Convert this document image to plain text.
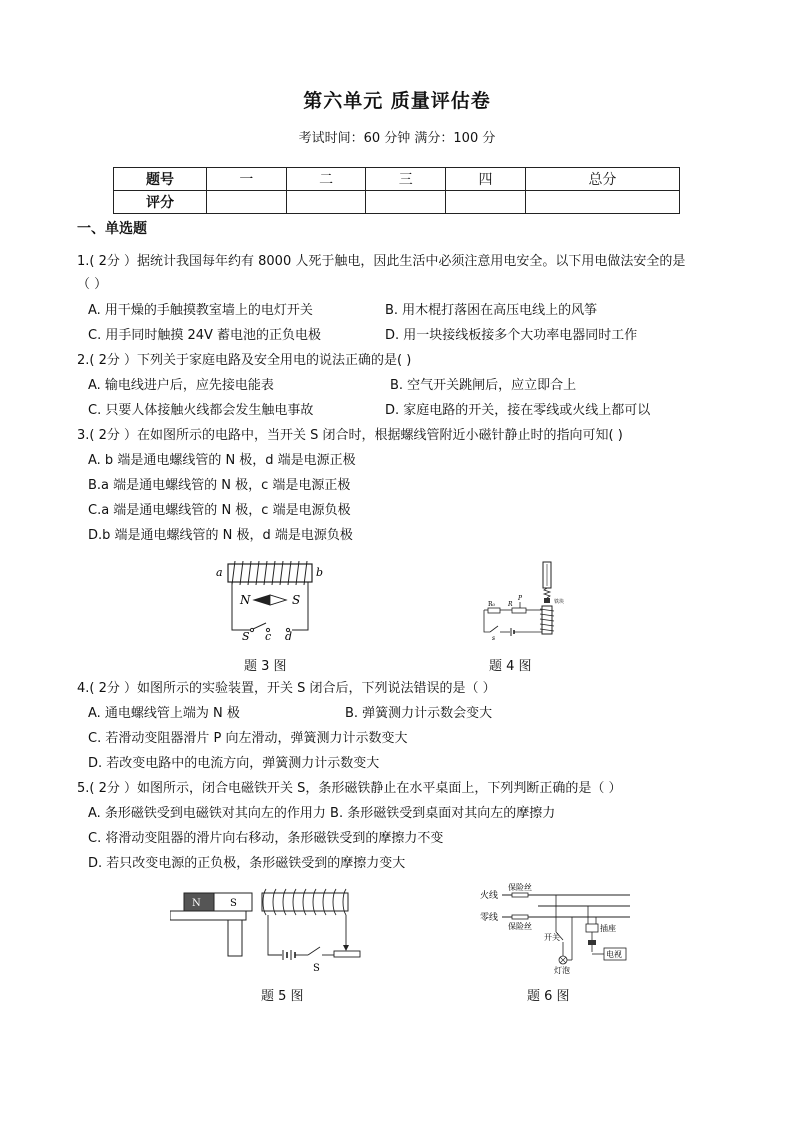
第六单元 质量评估卷
考试时间：60 分钟 满分：100 分
题号	一	二	三	四	总分
评分					
一、单选题
1.( 2分 ）据统计我国每年约有 8000 人死于触电，因此生活中必须注意用电安全。以下用电做法安全的是
（ ）
A. 用干燥的手触摸教室墙上的电灯开关	B. 用木棍打落困在高压电线上的风筝
C. 用手同时触摸 24V 蓄电池的正负电极	D. 用一块接线板接多个大功率电器同时工作
2.( 2分 ）下列关于家庭电路及安全用电的说法正确的是( )
A. 输电线进户后，应先接电能表	B. 空气开关跳闸后，应立即合上
C. 只要人体接触火线都会发生触电事故	D. 家庭电路的开关，接在零线或火线上都可以
3.( 2分 ）在如图所示的电路中，当开关 S 闭合时，根据螺线管附近小磁针静止时的指向可知( )
A. b 端是通电螺线管的 N 极，d 端是电源正极
B.a 端是通电螺线管的 N 极，c 端是电源正极
C.a 端是通电螺线管的 N 极，c 端是电源负极
D.b 端是通电螺线管的 N 极，d 端是电源负极
a	b
N	S
S c d
题 3 图
铁块
R₀ R
P
s
题 4 图
4.( 2分 ）如图所示的实验装置，开关 S 闭合后，下列说法错误的是（ ）
A. 通电螺线管上端为 N 极	B. 弹簧测力计示数会变大
C. 若滑动变阻器滑片 P 向左滑动，弹簧测力计示数变大
D. 若改变电路中的电流方向，弹簧测力计示数变大
5.( 2分 ）如图所示，闭合电磁铁开关 S，条形磁铁静止在水平桌面上，下列判断正确的是（ ）
A. 条形磁铁受到电磁铁对其向左的作用力 B. 条形磁铁受到桌面对其向左的摩擦力
C. 将滑动变阻器的滑片向右移动，条形磁铁受到的摩擦力不变
D. 若只改变电源的正负极，条形磁铁受到的摩擦力变大
N	S
S
题 5 图
火线
保险丝
零线
保险丝
开关
灯泡
插座
电视
题 6 图
